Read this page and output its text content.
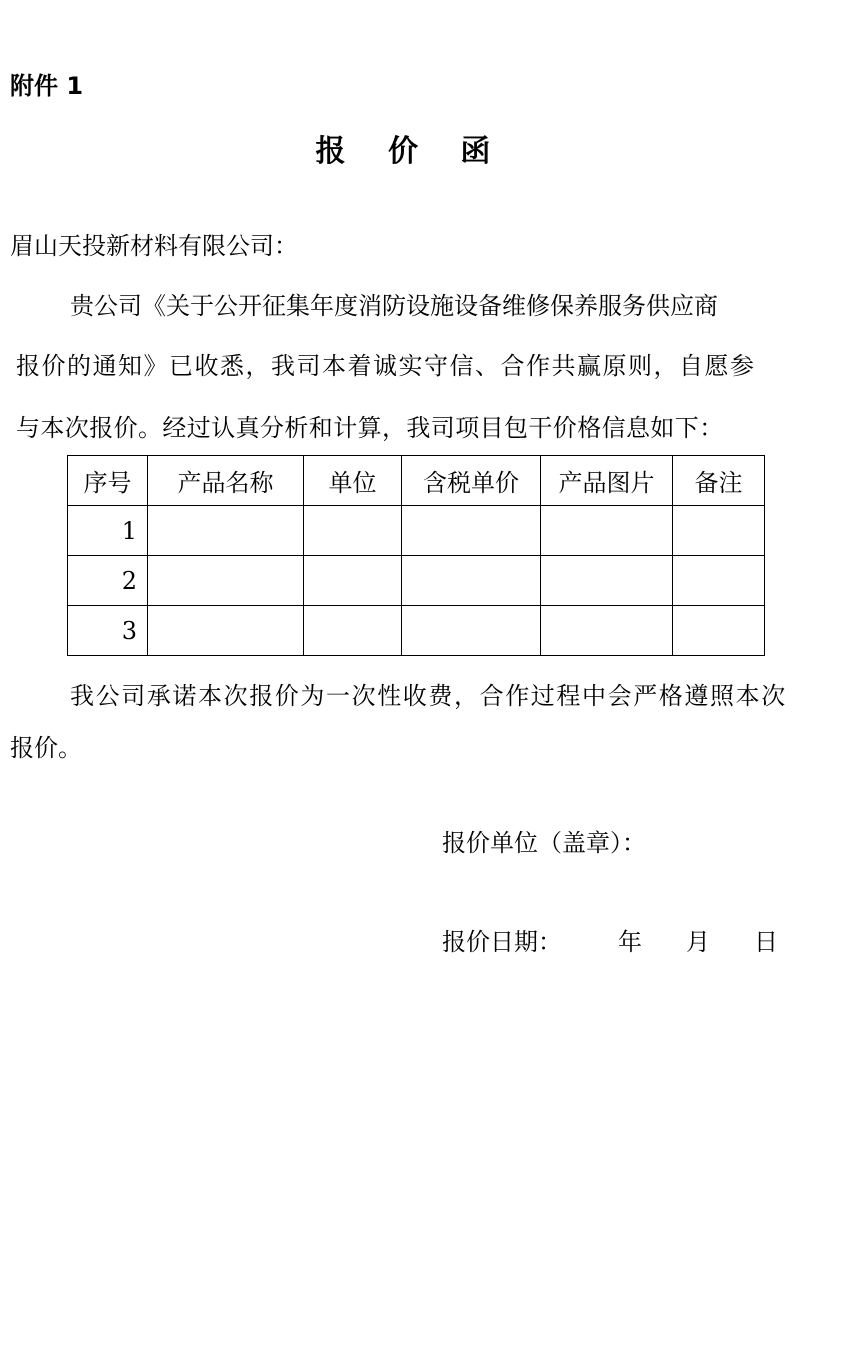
附件 1
报 价 函
眉山天投新材料有限公司：
贵公司《关于公开征集年度消防设施设备维修保养服务供应商
报价的通知》已收悉，我司本着诚实守信、合作共赢原则，自愿参
与本次报价。经过认真分析和计算，我司项目包干价格信息如下：
序号	产品名称	单位	含税单价	产品图片	备注
1					
2					
3					
我公司承诺本次报价为一次性收费，合作过程中会严格遵照本次
报价。
报价单位（盖章）：
报价日期： 年 月 日
